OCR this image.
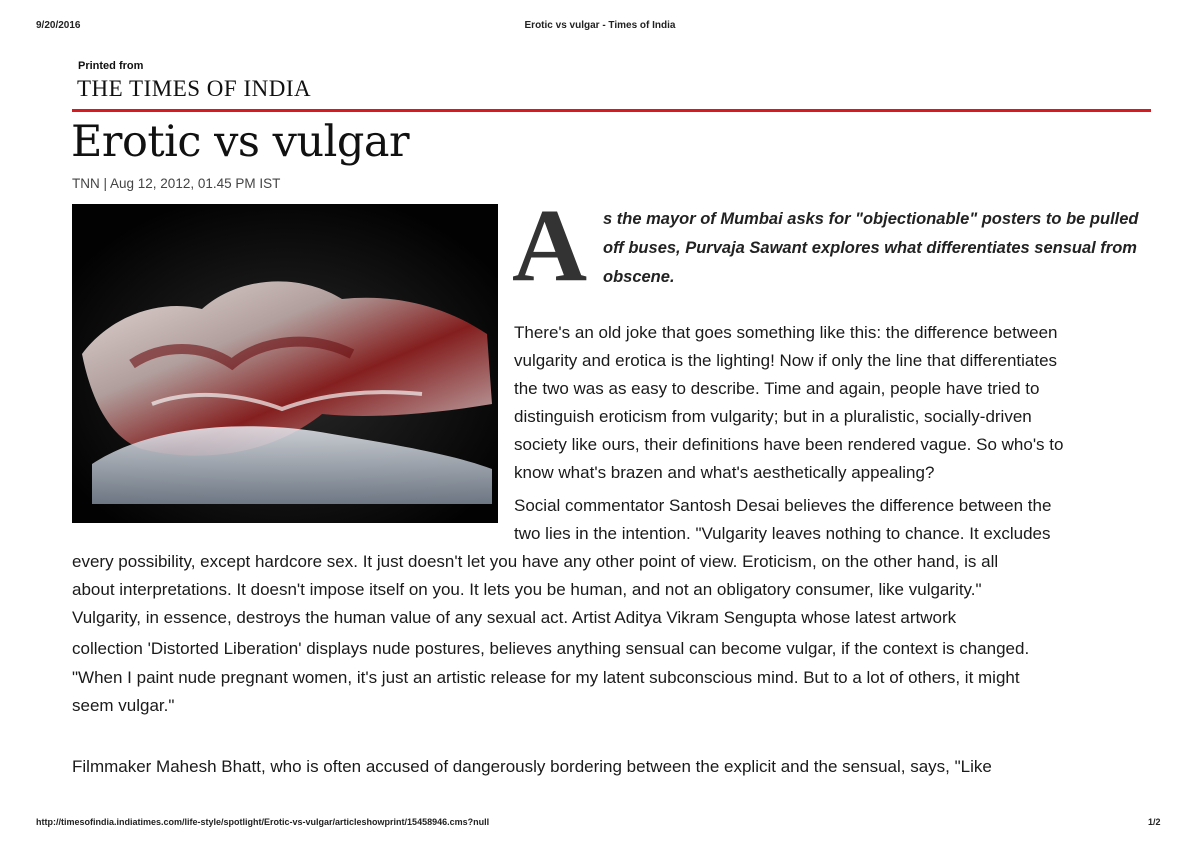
9/20/2016	Erotic vs vulgar - Times of India
Printed from
THE TIMES OF INDIA
Erotic vs vulgar
TNN | Aug 12, 2012, 01.45 PM IST
A s the mayor of Mumbai asks for "objectionable" posters to be pulled off buses, Purvaja Sawant explores what differentiates sensual from obscene.
There's an old joke that goes something like this: the difference between
vulgarity and erotica is the lighting! Now if only the line that differentiates
the two was as easy to describe. Time and again, people have tried to
distinguish eroticism from vulgarity; but in a pluralistic, socially-driven
society like ours, their definitions have been rendered vague. So who's to
know what's brazen and what's aesthetically appealing?
Social commentator Santosh Desai believes the difference between the
two lies in the intention. "Vulgarity leaves nothing to chance. It excludes
every possibility, except hardcore sex. It just doesn't let you have any other point of view. Eroticism, on the other hand, is all
about interpretations. It doesn't impose itself on you. It lets you be human, and not an obligatory consumer, like vulgarity."
Vulgarity, in essence, destroys the human value of any sexual act. Artist Aditya Vikram Sengupta whose latest artwork
collection 'Distorted Liberation' displays nude postures, believes anything sensual can become vulgar, if the context is changed.
"When I paint nude pregnant women, it's just an artistic release for my latent subconscious mind. But to a lot of others, it might
seem vulgar."
Filmmaker Mahesh Bhatt, who is often accused of dangerously bordering between the explicit and the sensual, says, "Like
http://timesofindia.indiatimes.com/life-style/spotlight/Erotic-vs-vulgar/articleshowprint/15458946.cms?null	1/2
